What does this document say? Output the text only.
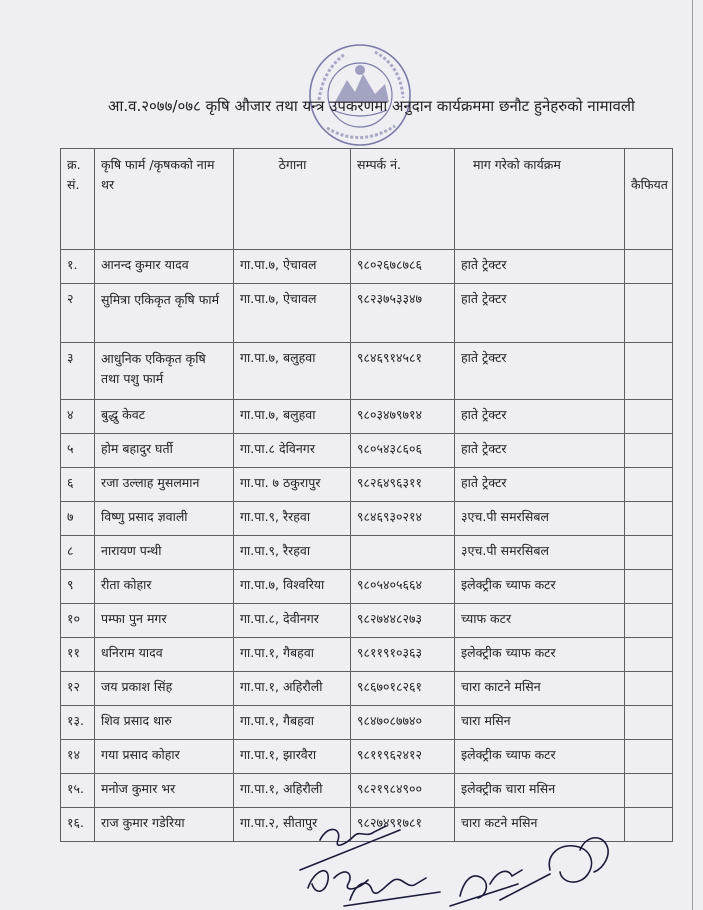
आ.व.२०७७/०७८ कृषि औजार तथा यन्त्र उपकरणमा अनुदान कार्यक्रममा छनौट हुनेहरुको नामावली
क्र. सं.	कृषि फार्म /कृषकको नाम थर	ठेगाना	सम्पर्क नं.	माग गरेको कार्यक्रम	कैफियत
१.	आनन्द कुमार यादव	गा.पा.७, ऐचावल	९८०२६७८७८६	हाते ट्रेक्टर	
२	सुमित्रा एकिकृत कृषि फार्म	गा.पा.७, ऐचावल	९८२३७५३३४७	हाते ट्रेक्टर	
३	आधुनिक एकिकृत कृषि तथा पशु फार्म	गा.पा.७, बलुहवा	९८४६९१४५८१	हाते ट्रेक्टर	
४	बुद्धु केवट	गा.पा.७, बलुहवा	९८०३४७९७१४	हाते ट्रेक्टर	
५	होम बहादुर घर्ती	गा.पा.८ देविनगर	९८०५४३८६०६	हाते ट्रेक्टर	
६	रजा उल्लाह मुसलमान	गा.पा. ७ ठकुरापुर	९८२६४९६३११	हाते ट्रेक्टर	
७	विष्णु प्रसाद ज्ञवाली	गा.पा.९, रैरहवा	९८४६९३०२१४	३एच.पी समरसिबल	
८	नारायण पन्थी	गा.पा.९, रैरहवा		३एच.पी समरसिबल	
९	रीता कोहार	गा.पा.७, विश्वरिया	९८०५४०५६६४	इलेक्ट्रीक च्याफ कटर	
१०	पम्फा पुन मगर	गा.पा.८, देवीनगर	९८२७४४८२७३	च्याफ कटर	
११	धनिराम यादव	गा.पा.१, गैबहवा	९८११९१०३६३	इलेक्ट्रीक च्याफ कटर	
१२	जय प्रकाश सिंह	गा.पा.१, अहिरौली	९८६७०१८२६१	चारा काटने मसिन	
१३.	शिव प्रसाद थारु	गा.पा.१, गैबहवा	९८४७०८७७४०	चारा मसिन	
१४	गया प्रसाद कोहार	गा.पा.१, झारवैरा	९८११९६२४१२	इलेक्ट्रीक च्याफ कटर	
१५.	मनोज कुमार भर	गा.पा.१, अहिरौली	९८२१९८४९००	इलेक्ट्रीक चारा मसिन	
१६.	राज कुमार गडेरिया	गा.पा.२, सीतापुर	९८२७४९१७८१	चारा कटने मसिन	
